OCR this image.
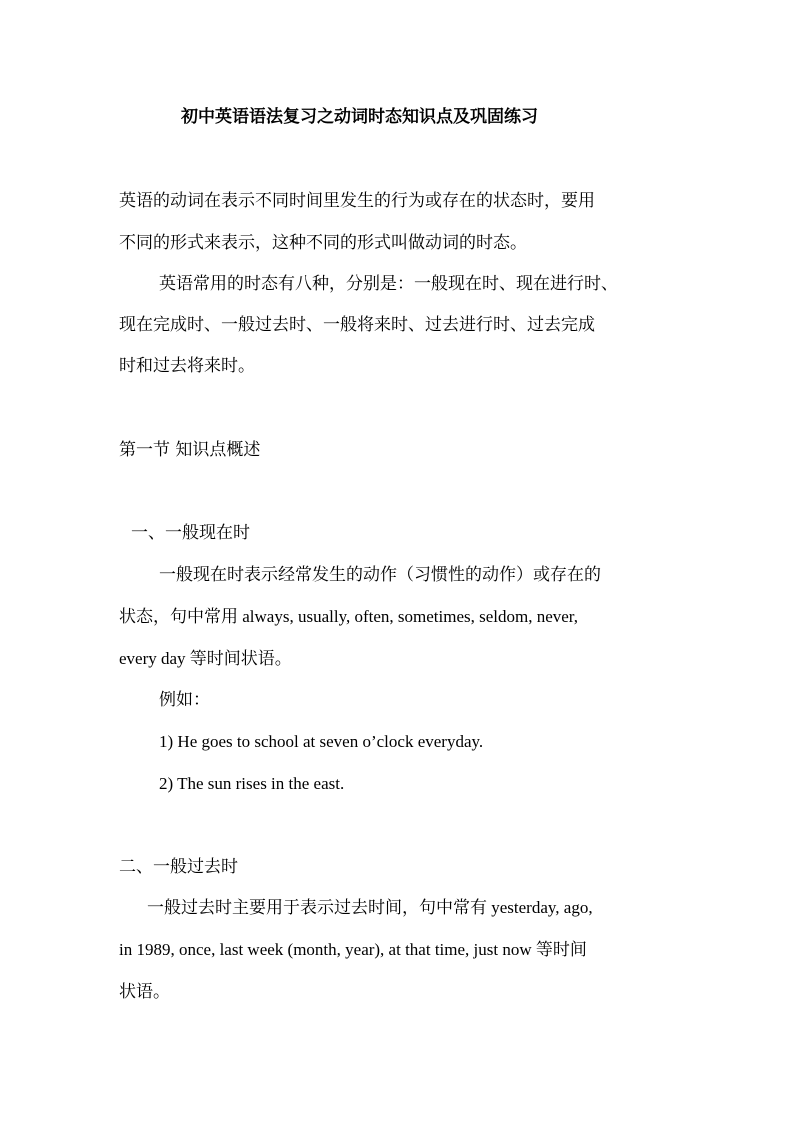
初中英语语法复习之动词时态知识点及巩固练习
英语的动词在表示不同时间里发生的行为或存在的状态时，要用
不同的形式来表示，这种不同的形式叫做动词的时态。
英语常用的时态有八种，分别是：一般现在时、现在进行时、
现在完成时、一般过去时、一般将来时、过去进行时、过去完成
时和过去将来时。
第一节 知识点概述
一、一般现在时
一般现在时表示经常发生的动作（习惯性的动作）或存在的
状态，句中常用 always, usually, often, sometimes, seldom, never,
every day 等时间状语。
例如：
1) He goes to school at seven o’clock everyday.
2) The sun rises in the east.
二、一般过去时
一般过去时主要用于表示过去时间，句中常有 yesterday, ago,
in 1989, once, last week (month, year), at that time, just now 等时间
状语。
